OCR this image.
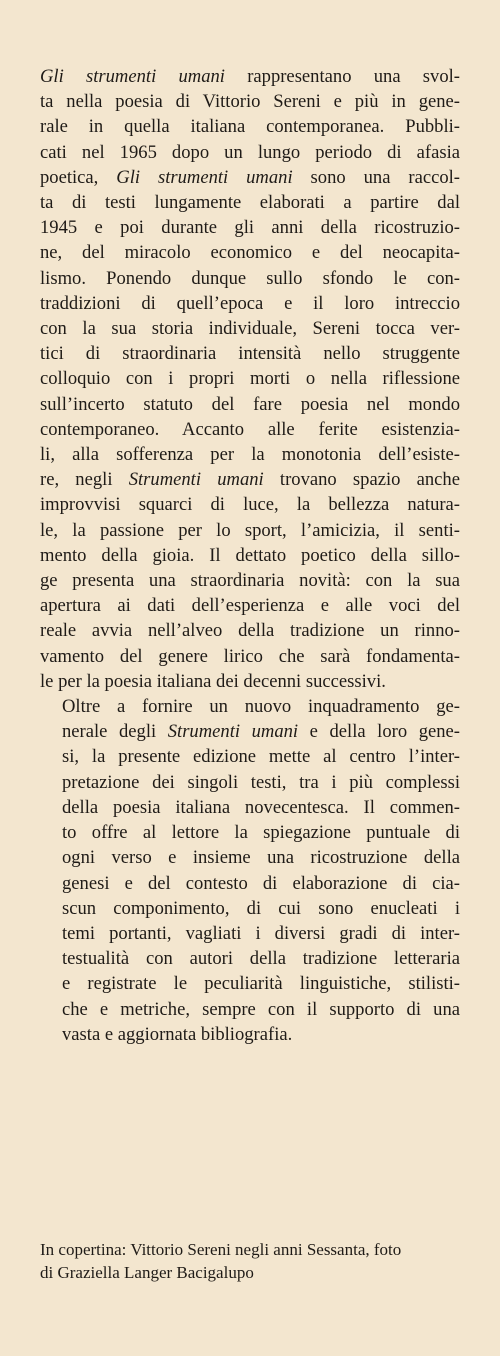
Gli strumenti umani rappresentano una svol-
ta nella poesia di Vittorio Sereni e più in gene-
rale in quella italiana contemporanea. Pubbli-
cati nel 1965 dopo un lungo periodo di afasia
poetica, Gli strumenti umani sono una raccol-
ta di testi lungamente elaborati a partire dal
1945 e poi durante gli anni della ricostruzio-
ne, del miracolo economico e del neocapita-
lismo. Ponendo dunque sullo sfondo le con-
traddizioni di quell’epoca e il loro intreccio
con la sua storia individuale, Sereni tocca ver-
tici di straordinaria intensità nello struggente
colloquio con i propri morti o nella riflessione
sull’incerto statuto del fare poesia nel mondo
contemporaneo. Accanto alle ferite esistenzia-
li, alla sofferenza per la monotonia dell’esiste-
re, negli Strumenti umani trovano spazio anche
improvvisi squarci di luce, la bellezza natura-
le, la passione per lo sport, l’amicizia, il senti-
mento della gioia. Il dettato poetico della sillo-
ge presenta una straordinaria novità: con la sua
apertura ai dati dell’esperienza e alle voci del
reale avvia nell’alveo della tradizione un rinno-
vamento del genere lirico che sarà fondamenta-
le per la poesia italiana dei decenni successivi.

Oltre a fornire un nuovo inquadramento ge-
nerale degli Strumenti umani e della loro gene-
si, la presente edizione mette al centro l’inter-
pretazione dei singoli testi, tra i più complessi
della poesia italiana novecentesca. Il commen-
to offre al lettore la spiegazione puntuale di
ogni verso e insieme una ricostruzione della
genesi e del contesto di elaborazione di cia-
scun componimento, di cui sono enucleati i
temi portanti, vagliati i diversi gradi di inter-
testualità con autori della tradizione letteraria
e registrate le peculiarità linguistiche, stilisti-
che e metriche, sempre con il supporto di una
vasta e aggiornata bibliografia.

In copertina: Vittorio Sereni negli anni Sessanta, foto
di Graziella Langer Bacigalupo
